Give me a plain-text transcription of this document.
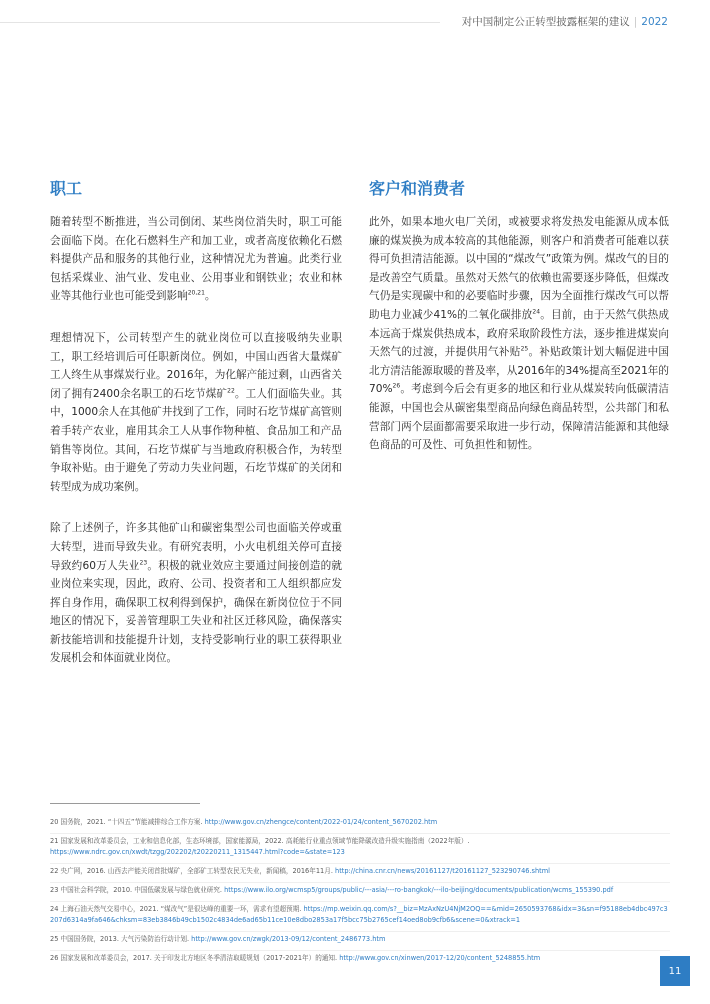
对中国制定公正转型披露框架的建议 | 2022
职工

随着转型不断推进，当公司倒闭、某些岗位消失时，职工可能会面临下岗。在化石燃料生产和加工业，或者高度依赖化石燃料提供产品和服务的其他行业，这种情况尤为普遍。此类行业包括采煤业、油气业、发电业、公用事业和钢铁业；农业和林业等其他行业也可能受到影响$^{20,21}$。

理想情况下，公司转型产生的就业岗位可以直接吸纳失业职工，职工经培训后可任职新岗位。例如，中国山西省大量煤矿工人终生从事煤炭行业。2016年，为化解产能过剩，山西省关闭了拥有2400余名职工的石圪节煤矿$^{22}$。工人们面临失业。其中，1000余人在其他矿井找到了工作，同时石圪节煤矿高管则着手转产农业，雇用其余工人从事作物种植、食品加工和产品销售等岗位。其间，石圪节煤矿与当地政府积极合作，为转型争取补贴。由于避免了劳动力失业问题，石圪节煤矿的关闭和转型成为成功案例。

除了上述例子，许多其他矿山和碳密集型公司也面临关停或重大转型，进而导致失业。有研究表明，小火电机组关停可直接导致约60万人失业$^{23}$。积极的就业效应主要通过间接创造的就业岗位来实现，因此，政府、公司、投资者和工人组织都应发挥自身作用，确保职工权利得到保护，确保在新岗位位于不同地区的情况下，妥善管理职工失业和社区迁移风险，确保落实新技能培训和技能提升计划，支持受影响行业的职工获得职业发展机会和体面就业岗位。

客户和消费者

此外，如果本地火电厂关闭，或被要求将发热发电能源从成本低廉的煤炭换为成本较高的其他能源，则客户和消费者可能难以获得可负担清洁能源。以中国的“煤改气”政策为例。煤改气的目的是改善空气质量。虽然对天然气的依赖也需要逐步降低，但煤改气仍是实现碳中和的必要临时步骤，因为全面推行煤改气可以帮助电力业减少41%的二氧化碳排放$^{24}$。目前，由于天然气供热成本远高于煤炭供热成本，政府采取阶段性方法，逐步推进煤炭向天然气的过渡，并提供用气补贴$^{25}$。补贴政策计划大幅促进中国北方清洁能源取暖的普及率，从2016年的34%提高至2021年的70%$^{26}$。考虑到今后会有更多的地区和行业从煤炭转向低碳清洁能源，中国也会从碳密集型商品向绿色商品转型，公共部门和私营部门两个层面都需要采取进一步行动，保障清洁能源和其他绿色商品的可及性、可负担性和韧性。

20 国务院，2021. “十四五”节能减排综合工作方案. http://www.gov.cn/zhengce/content/2022-01/24/content_5670202.htm
21 国家发展和改革委员会，工业和信息化部，生态环境部，国家能源局，2022. 高耗能行业重点领域节能降碳改造升级实施指南（2022年版）. https://www.ndrc.gov.cn/xwdt/tzgg/202202/t20220211_1315447.html?code=&state=123
22 央广网，2016. 山西去产能关闭首批煤矿，全部矿工转型农民无失业，新闻稿，2016年11月. http://china.cnr.cn/news/20161127/t20161127_523290746.shtml
23 中国社会科学院，2010. 中国低碳发展与绿色就业研究. https://www.ilo.org/wcmsp5/groups/public/---asia/---ro-bangkok/---ilo-beijing/documents/publication/wcms_155390.pdf
24 上海石油天然气交易中心，2021. “煤改气”是很达峰的重要一环，需求有望超预期. https://mp.weixin.qq.com/s?__biz=MzAxNzU4NjM2OQ==&mid=2650593768&idx=3&sn=f95188eb4dbc497c3207d6314a9fa646&chksm=83eb3846b49cb1502c4834de6ad65b11ce10e8dbo2853a17f5bcc75b2765cef14oed8ob9cfb6&scene=0&xtrack=1
25 中国国务院，2013. 大气污染防治行动计划. http://www.gov.cn/zwgk/2013-09/12/content_2486773.htm
26 国家发展和改革委员会，2017. 关于印发北方地区冬季清洁取暖规划（2017-2021年）的通知. http://www.gov.cn/xinwen/2017-12/20/content_5248855.htm
11
